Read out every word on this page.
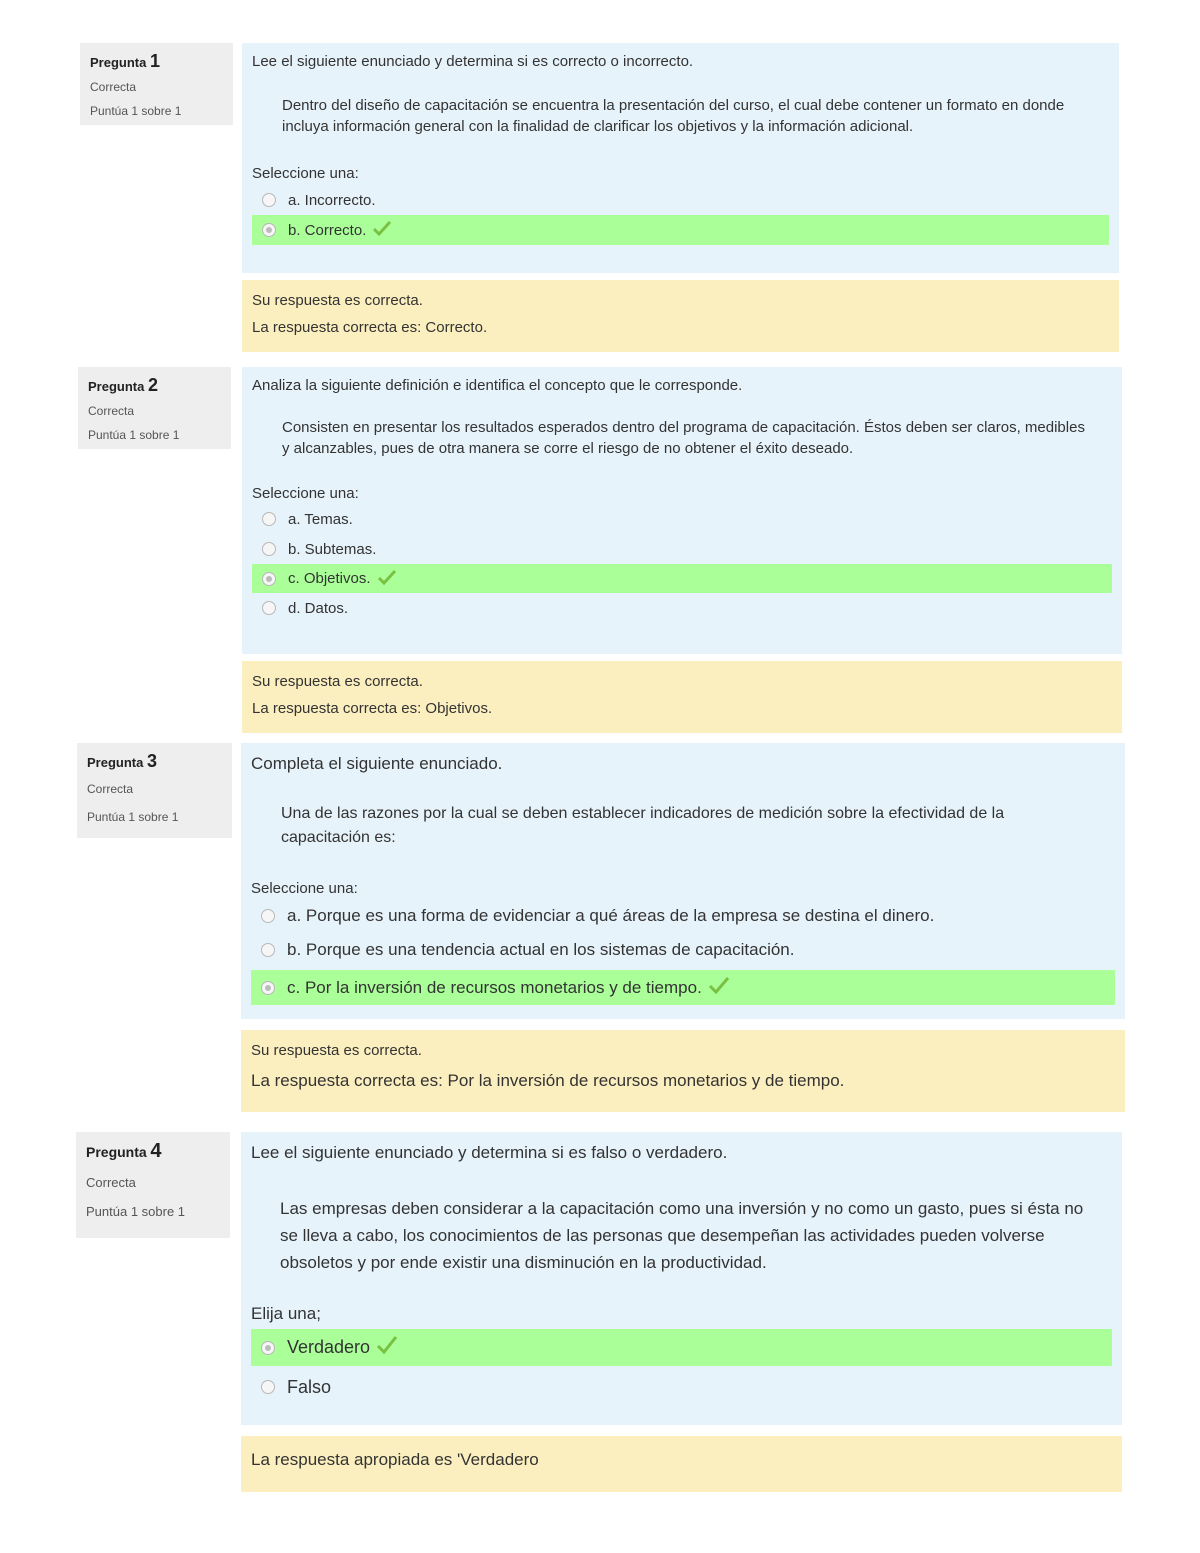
Pregunta 1
Correcta
Puntúa 1 sobre 1
Lee el siguiente enunciado y determina si es correcto o incorrecto.
Dentro del diseño de capacitación se encuentra la presentación del curso, el cual debe contener un formato en donde incluya información general con la finalidad de clarificar los objetivos y la información adicional.
Seleccione una:
a. Incorrecto.
b. Correcto.
Su respuesta es correcta.
La respuesta correcta es: Correcto.
Pregunta 2
Correcta
Puntúa 1 sobre 1
Analiza la siguiente definición e identifica el concepto que le corresponde.
Consisten en presentar los resultados esperados dentro del programa de capacitación. Éstos deben ser claros, medibles y alcanzables, pues de otra manera se corre el riesgo de no obtener el éxito deseado.
Seleccione una:
a. Temas.
b. Subtemas.
c. Objetivos.
d. Datos.
Su respuesta es correcta.
La respuesta correcta es: Objetivos.
Pregunta 3
Correcta
Puntúa 1 sobre 1
Completa el siguiente enunciado.
Una de las razones por la cual se deben establecer indicadores de medición sobre la efectividad de la capacitación es:
Seleccione una:
a. Porque es una forma de evidenciar a qué áreas de la empresa se destina el dinero.
b. Porque es una tendencia actual en los sistemas de capacitación.
c. Por la inversión de recursos monetarios y de tiempo.
Su respuesta es correcta.
La respuesta correcta es: Por la inversión de recursos monetarios y de tiempo.
Pregunta 4
Correcta
Puntúa 1 sobre 1
Lee el siguiente enunciado y determina si es falso o verdadero.
Las empresas deben considerar a la capacitación como una inversión y no como un gasto, pues si ésta no se lleva a cabo, los conocimientos de las personas que desempeñan las actividades pueden volverse obsoletos y por ende existir una disminución en la productividad.
Elija una;
Verdadero
Falso
La respuesta apropiada es 'Verdadero
